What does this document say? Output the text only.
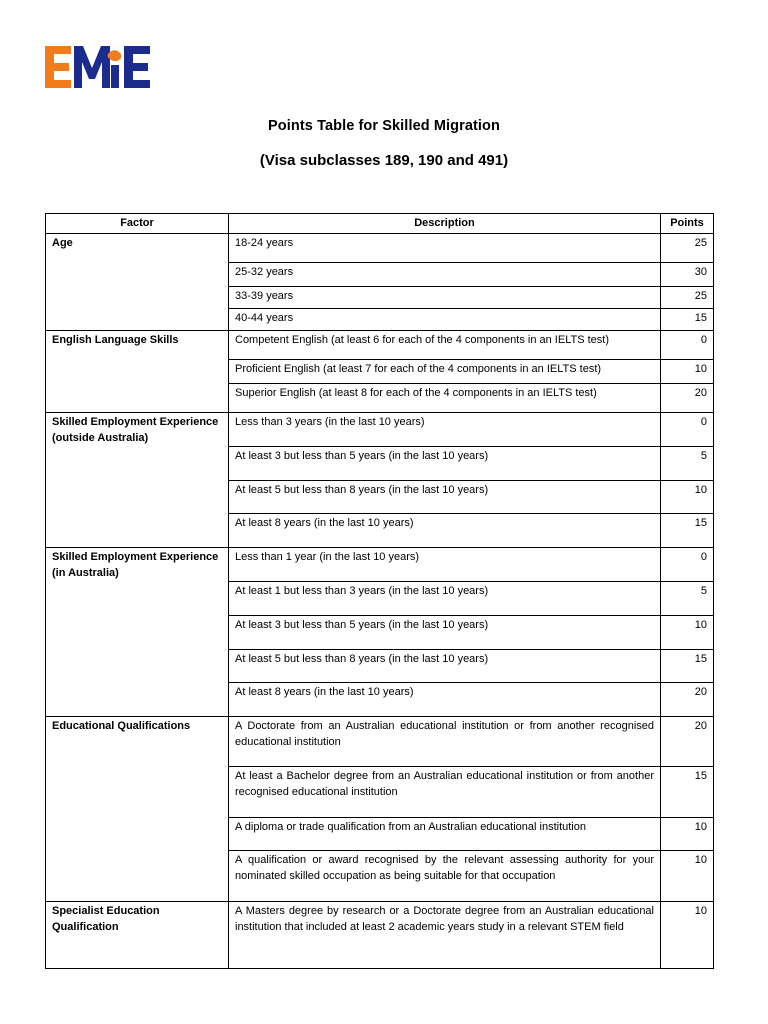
Points Table for Skilled Migration
(Visa subclasses 189, 190 and 491)
Factor	Description	Points
Age	18-24 years	25
	25-32 years	30
	33-39 years	25
	40-44 years	15
English Language Skills	Competent English (at least 6 for each of the 4 components in an IELTS test)	0
	Proficient English (at least 7 for each of the 4 components in an IELTS test)	10
	Superior English (at least 8 for each of the 4 components in an IELTS test)	20
Skilled Employment Experience (outside Australia)	Less than 3 years (in the last 10 years)	0
	At least 3 but less than 5 years (in the last 10 years)	5
	At least 5 but less than 8 years (in the last 10 years)	10
	At least 8 years (in the last 10 years)	15
Skilled Employment Experience (in Australia)	Less than 1 year (in the last 10 years)	0
	At least 1 but less than 3 years (in the last 10 years)	5
	At least 3 but less than 5 years (in the last 10 years)	10
	At least 5 but less than 8 years (in the last 10 years)	15
	At least 8 years (in the last 10 years)	20
Educational Qualifications	A Doctorate from an Australian educational institution or from another recognised educational institution	20
	At least a Bachelor degree from an Australian educational institution or from another recognised educational institution	15
	A diploma or trade qualification from an Australian educational institution	10
	A qualification or award recognised by the relevant assessing authority for your nominated skilled occupation as being suitable for that occupation	10
Specialist Education Qualification	A Masters degree by research or a Doctorate degree from an Australian educational institution that included at least 2 academic years study in a relevant STEM field	10
